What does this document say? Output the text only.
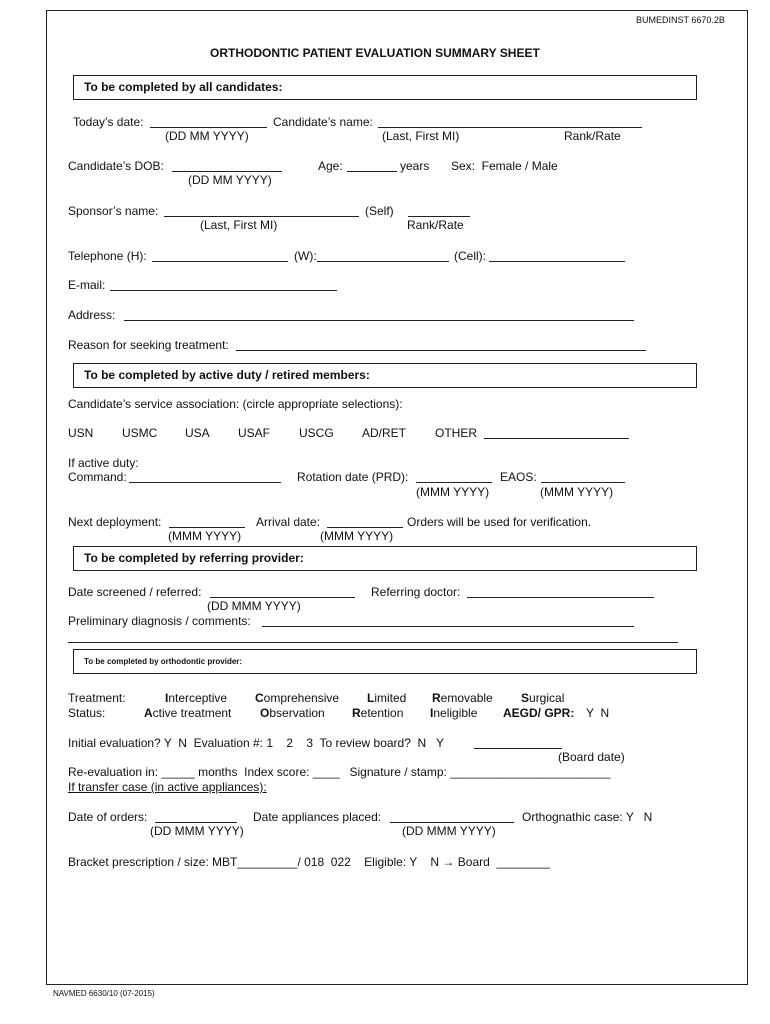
BUMEDINST 6670.2B
ORTHODONTIC PATIENT EVALUATION SUMMARY SHEET
To be completed by all candidates:
Today’s date:
(DD MM YYYY)
Candidate’s name:
(Last, First MI)	Rank/Rate
Candidate’s DOB:
(DD MM YYYY)
Age:	years Sex:  Female / Male
Sponsor’s name:
(Last, First MI)
(Self)
Rank/Rate
Telephone (H):	(W):	(Cell):
E-mail:
Address:
Reason for seeking treatment:
To be completed by active duty / retired members:
Candidate’s service association: (circle appropriate selections):
USN USMC USA USAF USCG AD/RET OTHER
If active duty:
Command:	Rotation date (PRD):
(MMM YYYY)
EAOS:
(MMM YYYY)
Next deployment:
(MMM YYYY)
Arrival date:
(MMM YYYY)
Orders will be used for verification.
To be completed by referring provider:
Date screened / referred:
(DD MMM YYYY)
Referring doctor:
Preliminary diagnosis / comments:
To be completed by orthodontic provider:
Treatment:	Interceptive Comprehensive Limited Removable Surgical
Status:	Active treatment Observation Retention Ineligible AEGD/ GPR: Y  N
Initial evaluation? Y  N  Evaluation #: 1    2    3  To review board?  N   Y
(Board date)
Re-evaluation in: _____ months  Index score: ____   Signature / stamp: ________________________
If transfer case (in active appliances):
Date of orders:
(DD MMM YYYY)
Date appliances placed:
(DD MMM YYYY)
Orthognathic case: Y   N
Bracket prescription / size: MBT_________/ 018  022    Eligible: Y    N → Board  ________
NAVMED 6630/10 (07-2015)
